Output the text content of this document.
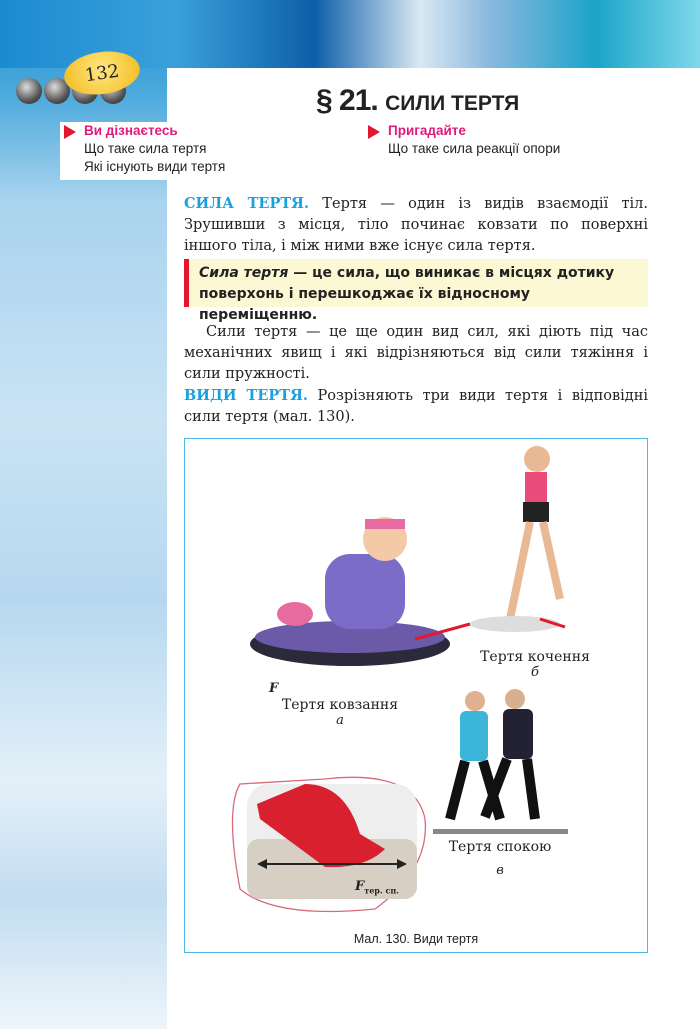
132
§ 21. СИЛИ ТЕРТЯ
Ви дізнаєтесь
Що таке сила тертя
Які існують види тертя
Пригадайте
Що таке сила реакції опори

СИЛА ТЕРТЯ. Тертя — один із видів взаємодії тіл. Зрушивши з місця, тіло починає ковзати по поверхні іншого тіла, і між ними вже існує сила тертя.

Сила тертя — це сила, що виникає в місцях дотику поверхонь і перешкоджає їх відносному переміщенню.

Сили тертя — це ще один вид сил, які діють під час механічних явищ і які відрізняються від сили тяжіння і сили пружності.

ВИДИ ТЕРТЯ. Розрізняють три види тертя і відповідні сили тертя (мал. 130).

F
$F_{тер. сп.}$
Тертя ковзання
а
Тертя кочення
б
Тертя спокою
в
Мал. 130. Види тертя
